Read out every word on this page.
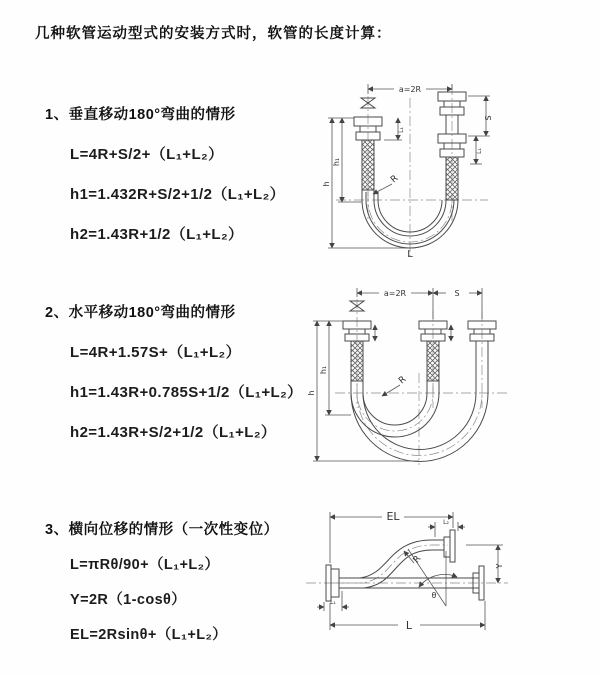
几种软管运动型式的安装方式时，软管的长度计算：
1、垂直移动180°弯曲的情形
L=4R+S/2+（L₁+L₂）
h1=1.432R+S/2+1/2（L₁+L₂）
h2=1.43R+1/2（L₁+L₂）
2、水平移动180°弯曲的情形
L=4R+1.57S+（L₁+L₂）
h1=1.43R+0.785S+1/2（L₁+L₂）
h2=1.43R+S/2+1/2（L₁+L₂）
3、横向位移的情形（一次性变位）
L=πRθ/90+（L₁+L₂）
Y=2R（1-cosθ）
EL=2Rsinθ+（L₁+L₂）
a=2R
S
L₁
L₁
h
h₁
R
L
a=2R	S
h
h₁
R
EL	L₂
Y
R
θ
L
L₁
